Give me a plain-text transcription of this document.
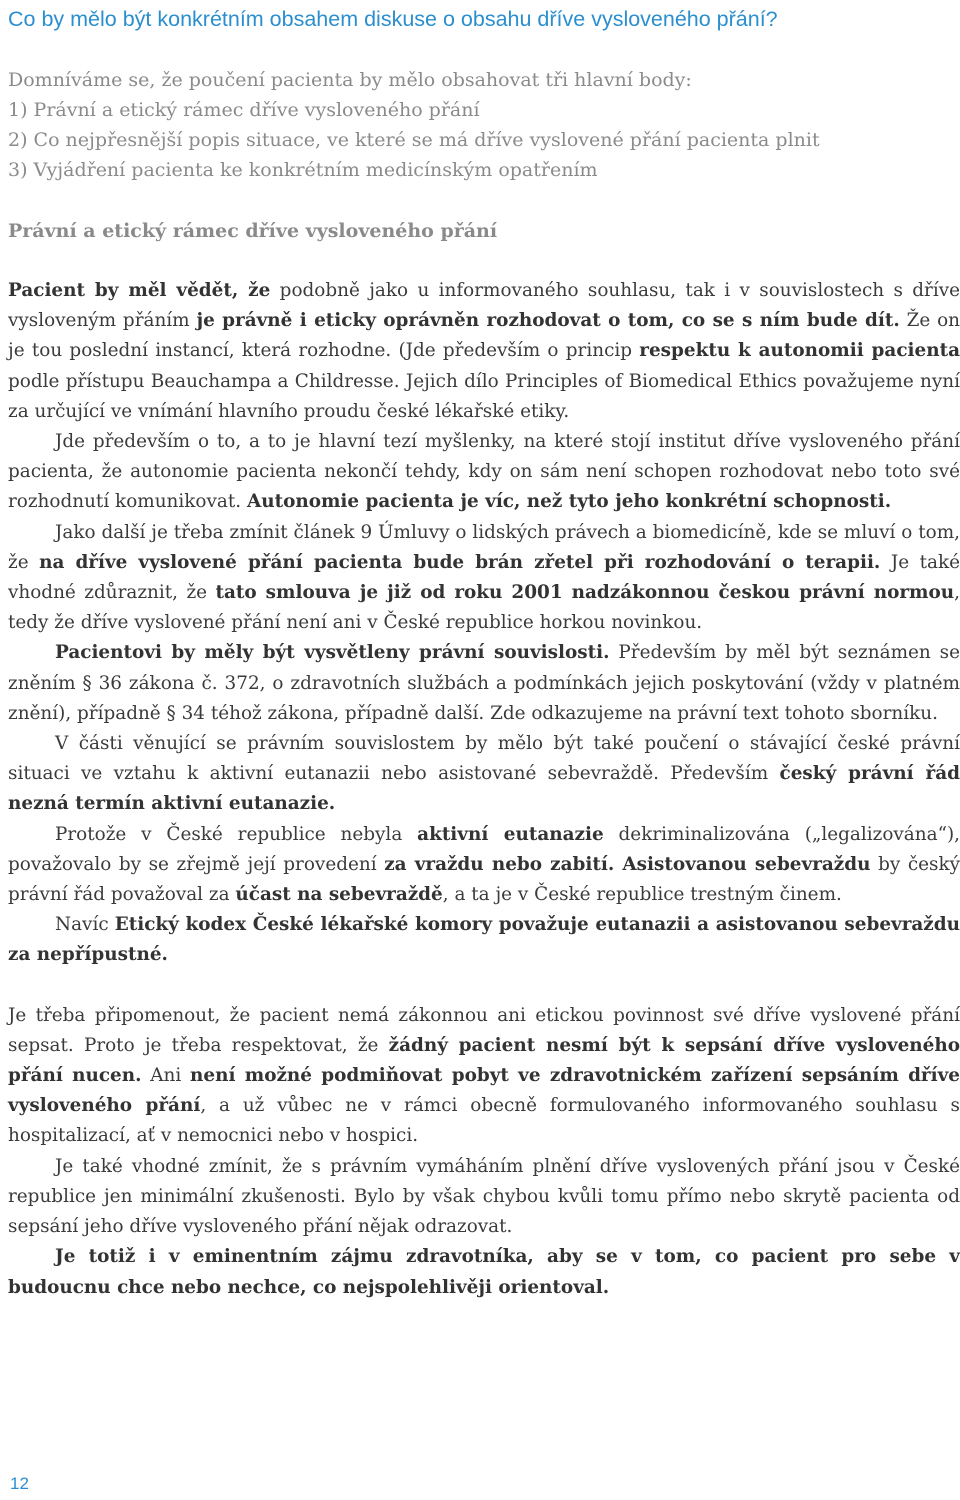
Co by mělo být konkrétním obsahem diskuse o obsahu dříve vysloveného přání?
Domníváme se, že poučení pacienta by mělo obsahovat tři hlavní body:
1) Právní a etický rámec dříve vysloveného přání
2) Co nejpřesnější popis situace, ve které se má dříve vyslovené přání pacienta plnit
3) Vyjádření pacienta ke konkrétním medicínským opatřením
Právní a etický rámec dříve vysloveného přání

Pacient by měl vědět, že podobně jako u informovaného souhlasu, tak i v souvislostech s dříve vysloveným přáním je právně i eticky oprávněn rozhodovat o tom, co se s ním bude dít. Že on je tou poslední instancí, která rozhodne. (Jde především o princip respektu k autonomii pacienta podle přístupu Beauchampa a Childresse. Jejich dílo Principles of Biomedical Ethics považujeme nyní za určující ve vnímání hlavního proudu české lékařské etiky.

Jde především o to, a to je hlavní tezí myšlenky, na které stojí institut dříve vysloveného přání pacienta, že autonomie pacienta nekončí tehdy, kdy on sám není schopen rozhodovat nebo toto své rozhodnutí komunikovat. Autonomie pacienta je víc, než tyto jeho konkrétní schopnosti.

Jako další je třeba zmínit článek 9 Úmluvy o lidských právech a biomedicíně, kde se mluví o tom, že na dříve vyslovené přání pacienta bude brán zřetel při rozhodování o terapii. Je také vhodné zdůraznit, že tato smlouva je již od roku 2001 nadzákonnou českou právní normou, tedy že dříve vyslovené přání není ani v České republice horkou novinkou.

Pacientovi by měly být vysvětleny právní souvislosti. Především by měl být seznámen se zněním § 36 zákona č. 372, o zdravotních službách a podmínkách jejich poskytování (vždy v platném znění), případně § 34 téhož zákona, případně další. Zde odkazujeme na právní text tohoto sborníku.

V části věnující se právním souvislostem by mělo být také poučení o stávající české právní situaci ve vztahu k aktivní eutanazii nebo asistované sebevraždě. Především český právní řád nezná termín aktivní eutanazie.

Protože v České republice nebyla aktivní eutanazie dekriminalizována („legalizována“), považovalo by se zřejmě její provedení za vraždu nebo zabití. Asistovanou sebevraždu by český právní řád považoval za účast na sebevraždě, a ta je v České republice trestným činem.

Navíc Etický kodex České lékařské komory považuje eutanazii a asistovanou sebevraždu za nepřípustné.

Je třeba připomenout, že pacient nemá zákonnou ani etickou povinnost své dříve vyslovené přání sepsat. Proto je třeba respektovat, že žádný pacient nesmí být k sepsání dříve vysloveného přání nucen. Ani není možné podmiňovat pobyt ve zdravotnickém zařízení sepsáním dříve vysloveného přání, a už vůbec ne v rámci obecně formulovaného informovaného souhlasu s hospitalizací, ať v nemocnici nebo v hospici.

Je také vhodné zmínit, že s právním vymáháním plnění dříve vyslovených přání jsou v České republice jen minimální zkušenosti. Bylo by však chybou kvůli tomu přímo nebo skrytě pacienta od sepsání jeho dříve vysloveného přání nějak odrazovat.

Je totiž i v eminentním zájmu zdravotníka, aby se v tom, co pacient pro sebe v budoucnu chce nebo nechce, co nejspolehlivěji orientoval.

12
